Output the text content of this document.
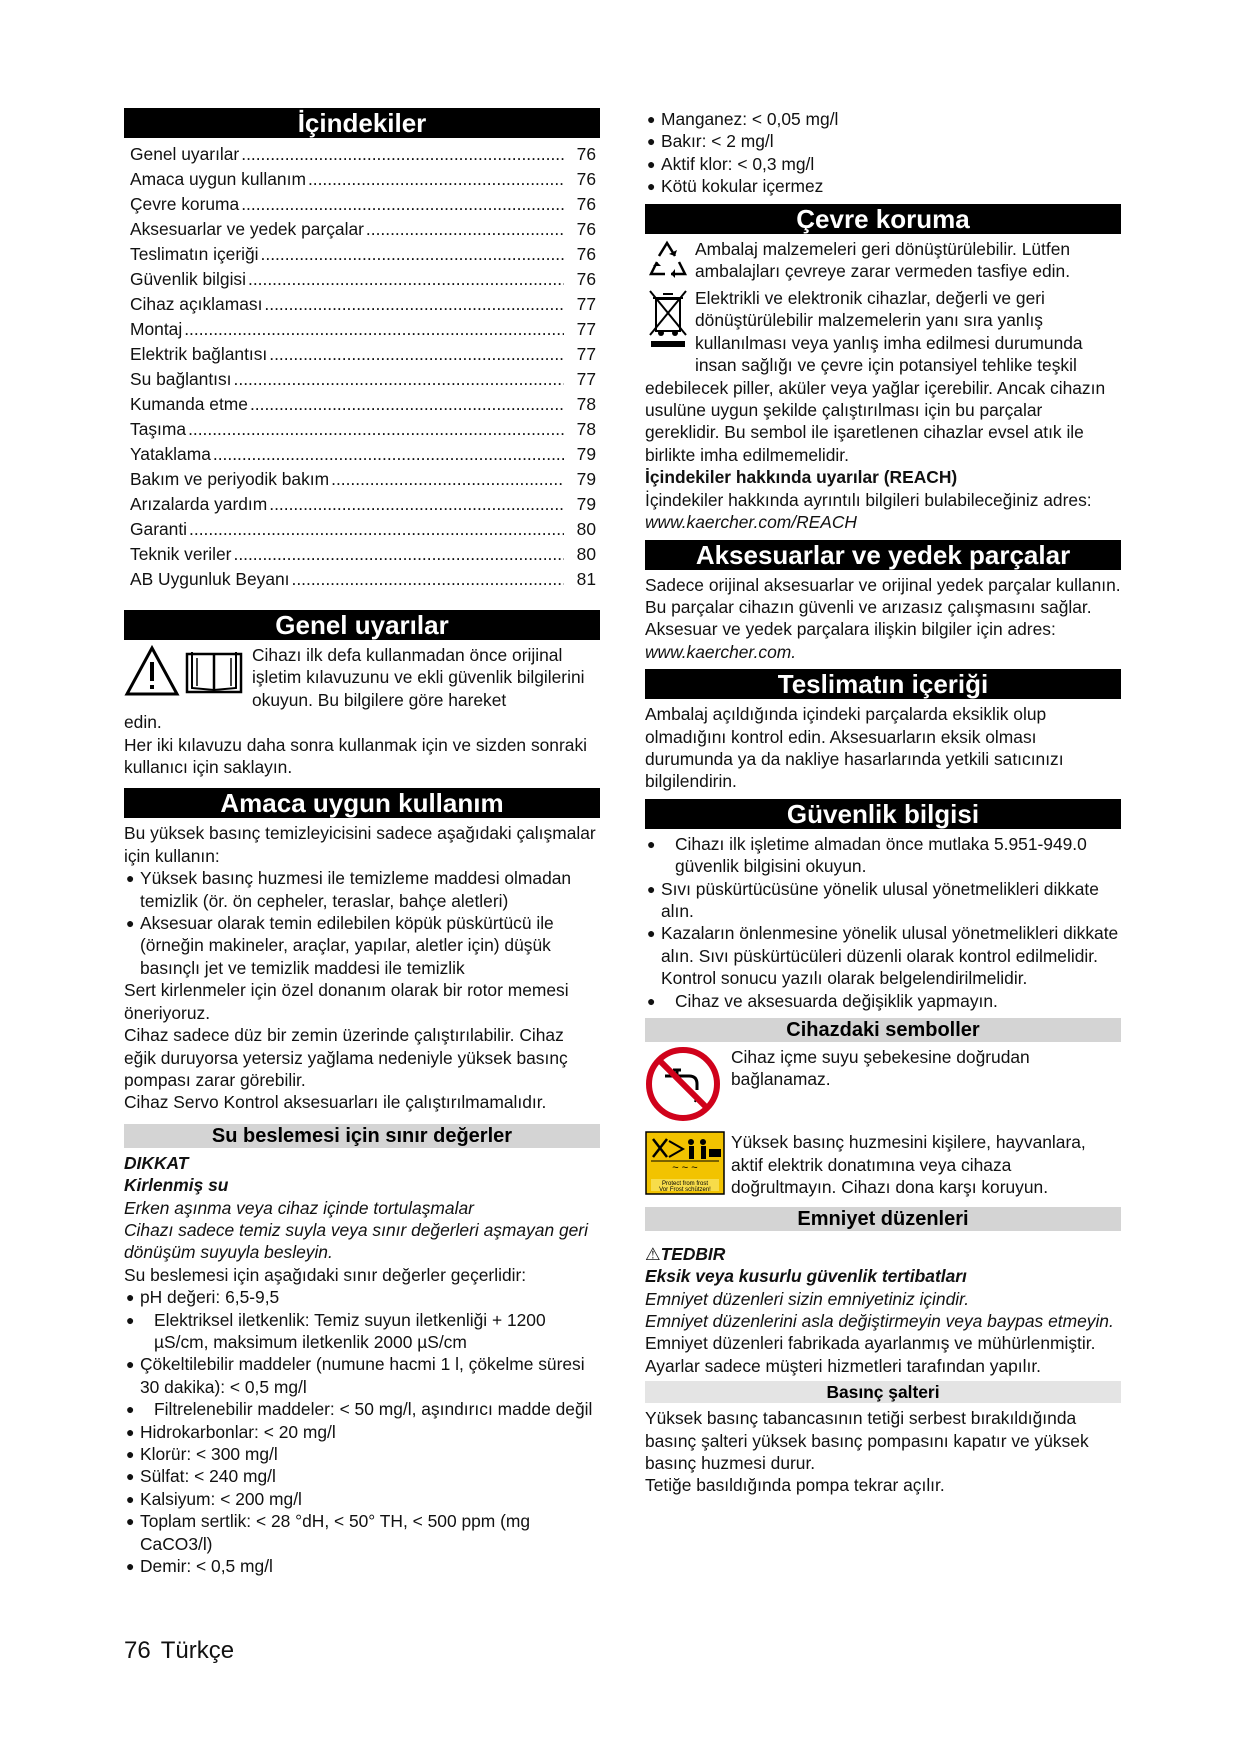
İçindekiler
Genel uyarılar .....	76
Amaca uygun kullanım .....	76
Çevre koruma .....	76
Aksesuarlar ve yedek parçalar .....	76
Teslimatın içeriği .....	76
Güvenlik bilgisi .....	76
Cihaz açıklaması .....	77
Montaj .....	77
Elektrik bağlantısı .....	77
Su bağlantısı .....	77
Kumanda etme .....	78
Taşıma .....	78
Yataklama .....	79
Bakım ve periyodik bakım .....	79
Arızalarda yardım .....	79
Garanti .....	80
Teknik veriler .....	80
AB Uygunluk Beyanı .....	81
Genel uyarılar

Cihazı ilk defa kullanmadan önce orijinal işletim kılavuzunu ve ekli güvenlik bilgilerini okuyun. Bu bilgilere göre hareket

edin.

Her iki kılavuzu daha sonra kullanmak için ve sizden sonraki kullanıcı için saklayın.

Amaca uygun kullanım

Bu yüksek basınç temizleyicisini sadece aşağıdaki çalışmalar için kullanın:

● Yüksek basınç huzmesi ile temizleme maddesi olmadan temizlik (ör. ön cepheler, teraslar, bahçe aletleri)
● Aksesuar olarak temin edilebilen köpük püskürtücü ile (örneğin makineler, araçlar, yapılar, aletler için) düşük basınçlı jet ve temizlik maddesi ile temizlik

Sert kirlenmeler için özel donanım olarak bir rotor memesi öneriyoruz.

Cihaz sadece düz bir zemin üzerinde çalıştırılabilir. Cihaz eğik duruyorsa yetersiz yağlama nedeniyle yüksek basınç pompası zarar görebilir.

Cihaz Servo Kontrol aksesuarları ile çalıştırılmamalıdır.

Su beslemesi için sınır değerler

DIKKAT

Kirlenmiş su

Erken aşınma veya cihaz içinde tortulaşmalar

Cihazı sadece temiz suyla veya sınır değerleri aşmayan geri dönüşüm suyuyla besleyin.

Su beslemesi için aşağıdaki sınır değerler geçerlidir:

● pH değeri: 6,5-9,5
● Elektriksel iletkenlik: Temiz suyun iletkenliği + 1200 µS/cm, maksimum iletkenlik 2000 µS/cm
● Çökeltilebilir maddeler (numune hacmi 1 l, çökelme süresi 30 dakika): < 0,5 mg/l
● Filtrelenebilir maddeler: < 50 mg/l, aşındırıcı madde değil
● Hidrokarbonlar: < 20 mg/l
● Klorür: < 300 mg/l
● Sülfat: < 240 mg/l
● Kalsiyum: < 200 mg/l
● Toplam sertlik: < 28 °dH, < 50° TH, < 500 ppm (mg CaCO3/l)
● Demir: < 0,5 mg/l
● Manganez: < 0,05 mg/l
● Bakır: < 2 mg/l
● Aktif klor: < 0,3 mg/l
● Kötü kokular içermez
Çevre koruma

Ambalaj malzemeleri geri dönüştürülebilir. Lütfen ambalajları çevreye zarar vermeden tasfiye edin.

Elektrikli ve elektronik cihazlar, değerli ve geri dönüştürülebilir malzemelerin yanı sıra yanlış kullanılması veya yanlış imha edilmesi durumunda insan sağlığı ve çevre için potansiyel tehlike teşkil

edebilecek piller, aküler veya yağlar içerebilir. Ancak cihazın usulüne uygun şekilde çalıştırılması için bu parçalar gereklidir. Bu sembol ile işaretlenen cihazlar evsel atık ile birlikte imha edilmemelidir.

İçindekiler hakkında uyarılar (REACH)

İçindekiler hakkında ayrıntılı bilgileri bulabileceğiniz adres: www.kaercher.com/REACH

Aksesuarlar ve yedek parçalar

Sadece orijinal aksesuarlar ve orijinal yedek parçalar kullanın. Bu parçalar cihazın güvenli ve arızasız çalışmasını sağlar.

Aksesuar ve yedek parçalara ilişkin bilgiler için adres:

www.kaercher.com.

Teslimatın içeriği

Ambalaj açıldığında içindeki parçalarda eksiklik olup olmadığını kontrol edin. Aksesuarların eksik olması durumunda ya da nakliye hasarlarında yetkili satıcınızı bilgilendirin.

Güvenlik bilgisi
● Cihazı ilk işletime almadan önce mutlaka 5.951-949.0 güvenlik bilgisini okuyun.
● Sıvı püskürtücüsüne yönelik ulusal yönetmelikleri dikkate alın.
● Kazaların önlenmesine yönelik ulusal yönetmelikleri dikkate alın. Sıvı püskürtücüleri düzenli olarak kontrol edilmelidir. Kontrol sonucu yazılı olarak belgelendirilmelidir.
● Cihaz ve aksesuarda değişiklik yapmayın.
Cihazdaki semboller

Cihaz içme suyu şebekesine doğrudan bağlanamaz.

~ ~ ~
Protect from frost
Vor Frost schützen!

Yüksek basınç huzmesini kişilere, hayvanlara, aktif elektrik donatımına veya cihaza doğrultmayın. Cihazı dona karşı koruyun.

Emniyet düzenleri

⚠TEDBIR

Eksik veya kusurlu güvenlik tertibatları

Emniyet düzenleri sizin emniyetiniz içindir.

Emniyet düzenlerini asla değiştirmeyin veya baypas etmeyin.

Emniyet düzenleri fabrikada ayarlanmış ve mühürlenmiştir. Ayarlar sadece müşteri hizmetleri tarafından yapılır.

Basınç şalteri

Yüksek basınç tabancasının tetiği serbest bırakıldığında basınç şalteri yüksek basınç pompasını kapatır ve yüksek basınç huzmesi durur.

Tetiğe basıldığında pompa tekrar açılır.

76 Türkçe
